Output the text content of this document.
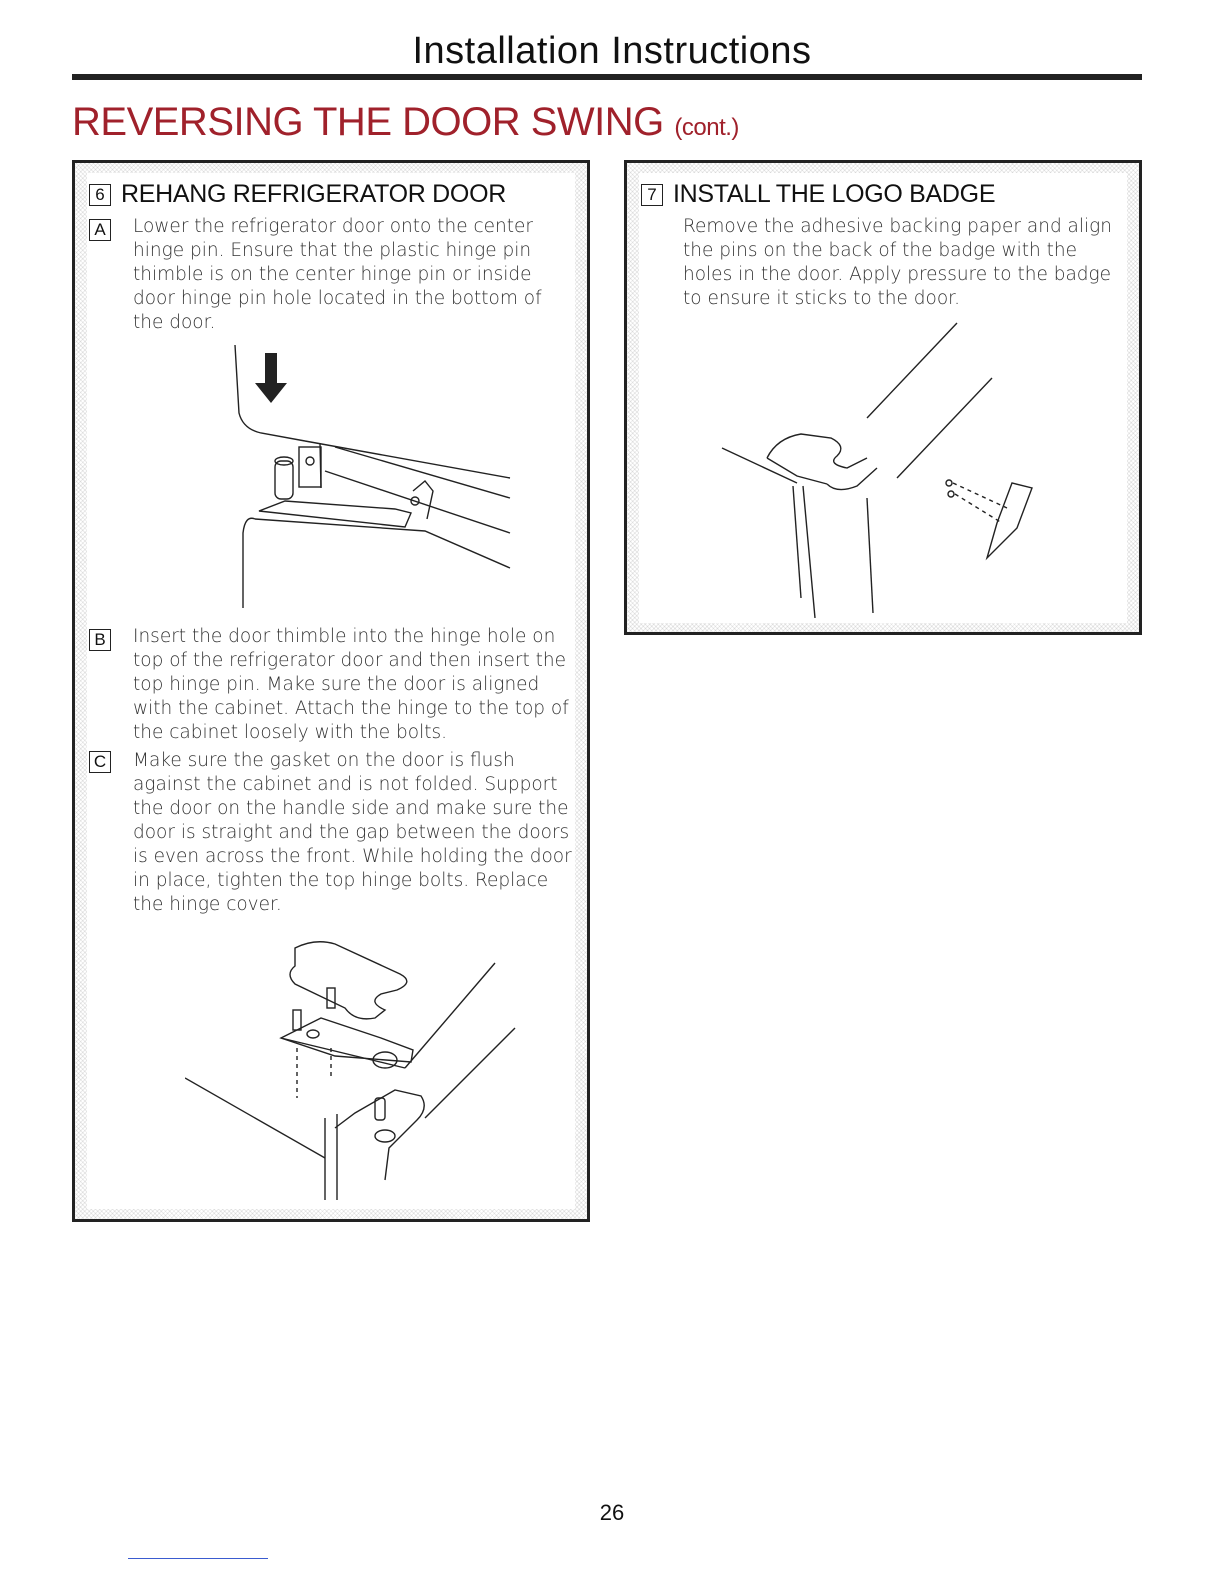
Installation Instructions
REVERSING THE DOOR SWING (cont.)
6 REHANG REFRIGERATOR DOOR
A Lower the refrigerator door onto the center hinge pin. Ensure that the plastic hinge pin thimble is on the center hinge pin or inside door hinge pin hole located in the bottom of the door.
B Insert the door thimble into the hinge hole on top of the refrigerator door and then insert the top hinge pin. Make sure the door is aligned with the cabinet. Attach the hinge to the top of the cabinet loosely with the bolts.
C Make sure the gasket on the door is flush against the cabinet and is not folded. Support the door on the handle side and make sure the door is straight and the gap between the doors is even across the front. While holding the door in place, tighten the top hinge bolts. Replace the hinge cover.
7 INSTALL THE LOGO BADGE
Remove the adhesive backing paper and align the pins on the back of the badge with the holes in the door. Apply pressure to the badge to ensure it sticks to the door.
26
